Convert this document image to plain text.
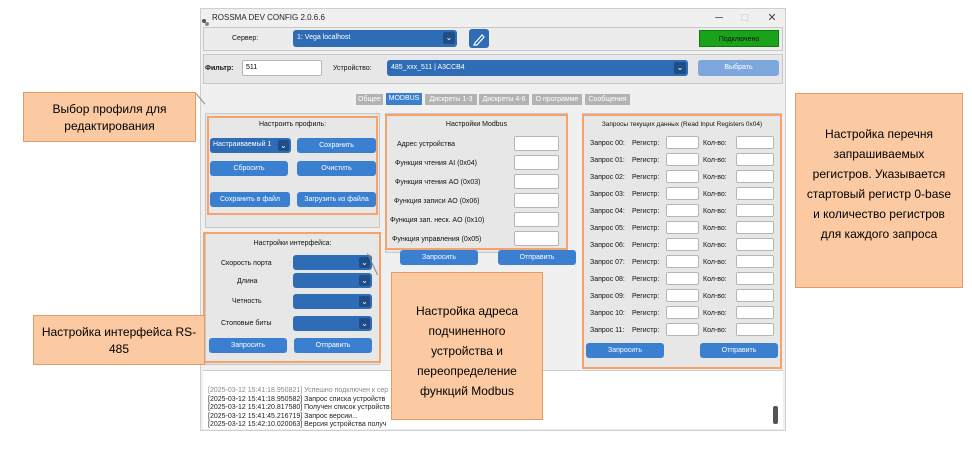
ROSSMA DEV CONFIG 2.0.6.6	─	□	✕
Сервер:	1: Vega localhost	⌄	Подключено
Фильтр:	511	Устройство:	485_xxx_511 | A3CCB4	⌄	Выбрать
Общее	MODBUS	Дискреты 1-3	Дискреты 4-6	О программе	Сообщения
Настроить профиль:
Настраиваемый 1 ⌄	Сохранить
Сбросить	Очистить
Сохранить в файл	Загрузить из файла
Настройки интерфейса:
Скорость порта	⌄
Длина	⌄
Четность	⌄
Стоповые биты	⌄
Запросить	Отправить
Настройки Modbus
Адрес устройства
Функция чтения AI (0x04)
Функция чтения AO (0x03)
Функция записи AO (0x06)
Функция зап. неск. AO (0x10)
Функция управления (0x05)
Запросить	Отправить
Запросы текущих данных (Read Input Registers 0x04)
Запрос 00: Регистр:	Кол-во:
Запрос 01: Регистр:	Кол-во:
Запрос 02: Регистр:	Кол-во:
Запрос 03: Регистр:	Кол-во:
Запрос 04: Регистр:	Кол-во:
Запрос 05: Регистр:	Кол-во:
Запрос 06: Регистр:	Кол-во:
Запрос 07: Регистр:	Кол-во:
Запрос 08: Регистр:	Кол-во:
Запрос 09: Регистр:	Кол-во:
Запрос 10: Регистр:	Кол-во:
Запрос 11: Регистр:	Кол-во:
Запросить	Отправить
[2025-03-12 15:41:18.950821] Успешно подключен к сер
[2025-03-12 15:41:18.950582] Запрос списка устройств
[2025-03-12 15:41:20.817580] Получен список устройств
[2025-03-12 15:41:45.216719] Запрос версии...
[2025-03-12 15:42:10.020063] Версия устройства получ
Выбор профиля для редактирования
Настройка интерфейса RS-485
Настройка адреса подчиненного устройства и переопределение функций Modbus
Настройка перечня запрашиваемых регистров. Указывается стартовый регистр 0-base и количество регистров для каждого запроса
